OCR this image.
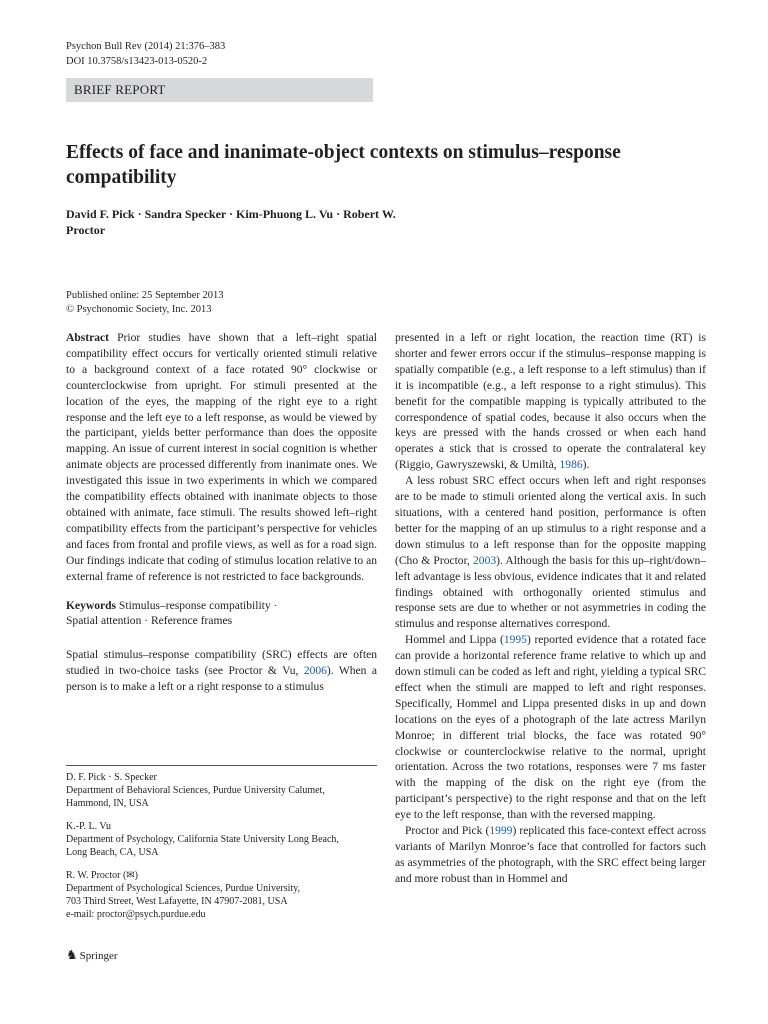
Psychon Bull Rev (2014) 21:376–383
DOI 10.3758/s13423-013-0520-2
BRIEF REPORT
Effects of face and inanimate-object contexts on stimulus–response compatibility
David F. Pick · Sandra Specker · Kim-Phuong L. Vu · Robert W. Proctor
Published online: 25 September 2013
© Psychonomic Society, Inc. 2013

Abstract Prior studies have shown that a left–right spatial compatibility effect occurs for vertically oriented stimuli relative to a background context of a face rotated 90° clockwise or counterclockwise from upright. For stimuli presented at the location of the eyes, the mapping of the right eye to a right response and the left eye to a left response, as would be viewed by the participant, yields better performance than does the opposite mapping. An issue of current interest in social cognition is whether animate objects are processed differently from inanimate ones. We investigated this issue in two experiments in which we compared the compatibility effects obtained with inanimate objects to those obtained with animate, face stimuli. The results showed left–right compatibility effects from the participant’s perspective for vehicles and faces from frontal and profile views, as well as for a road sign. Our findings indicate that coding of stimulus location relative to an external frame of reference is not restricted to face backgrounds.

Keywords Stimulus–response compatibility ·
Spatial attention · Reference frames

Spatial stimulus–response compatibility (SRC) effects are often studied in two-choice tasks (see Proctor & Vu, 2006). When a person is to make a left or a right response to a stimulus

D. F. Pick · S. Specker

Department of Behavioral Sciences, Purdue University Calumet,

Hammond, IN, USA

K.-P. L. Vu

Department of Psychology, California State University Long Beach,

Long Beach, CA, USA

R. W. Proctor (✉)

Department of Psychological Sciences, Purdue University,

703 Third Street, West Lafayette, IN 47907-2081, USA

e-mail: proctor@psych.purdue.edu

presented in a left or right location, the reaction time (RT) is shorter and fewer errors occur if the stimulus–response mapping is spatially compatible (e.g., a left response to a left stimulus) than if it is incompatible (e.g., a left response to a right stimulus). This benefit for the compatible mapping is typically attributed to the correspondence of spatial codes, because it also occurs when the keys are pressed with the hands crossed or when each hand operates a stick that is crossed to operate the contralateral key (Riggio, Gawryszewski, & Umiltà, 1986).

A less robust SRC effect occurs when left and right responses are to be made to stimuli oriented along the vertical axis. In such situations, with a centered hand position, performance is often better for the mapping of an up stimulus to a right response and a down stimulus to a left response than for the opposite mapping (Cho & Proctor, 2003). Although the basis for this up–right/down–left advantage is less obvious, evidence indicates that it and related findings obtained with orthogonally oriented stimulus and response sets are due to whether or not asymmetries in coding the stimulus and response alternatives correspond.

Hommel and Lippa (1995) reported evidence that a rotated face can provide a horizontal reference frame relative to which up and down stimuli can be coded as left and right, yielding a typical SRC effect when the stimuli are mapped to left and right responses. Specifically, Hommel and Lippa presented disks in up and down locations on the eyes of a photograph of the late actress Marilyn Monroe; in different trial blocks, the face was rotated 90° clockwise or counterclockwise relative to the normal, upright orientation. Across the two rotations, responses were 7 ms faster with the mapping of the disk on the right eye (from the participant’s perspective) to the right response and that on the left eye to the left response, than with the reversed mapping.

Proctor and Pick (1999) replicated this face-context effect across variants of Marilyn Monroe’s face that controlled for factors such as asymmetries of the photograph, with the SRC effect being larger and more robust than in Hommel and

♞ Springer
